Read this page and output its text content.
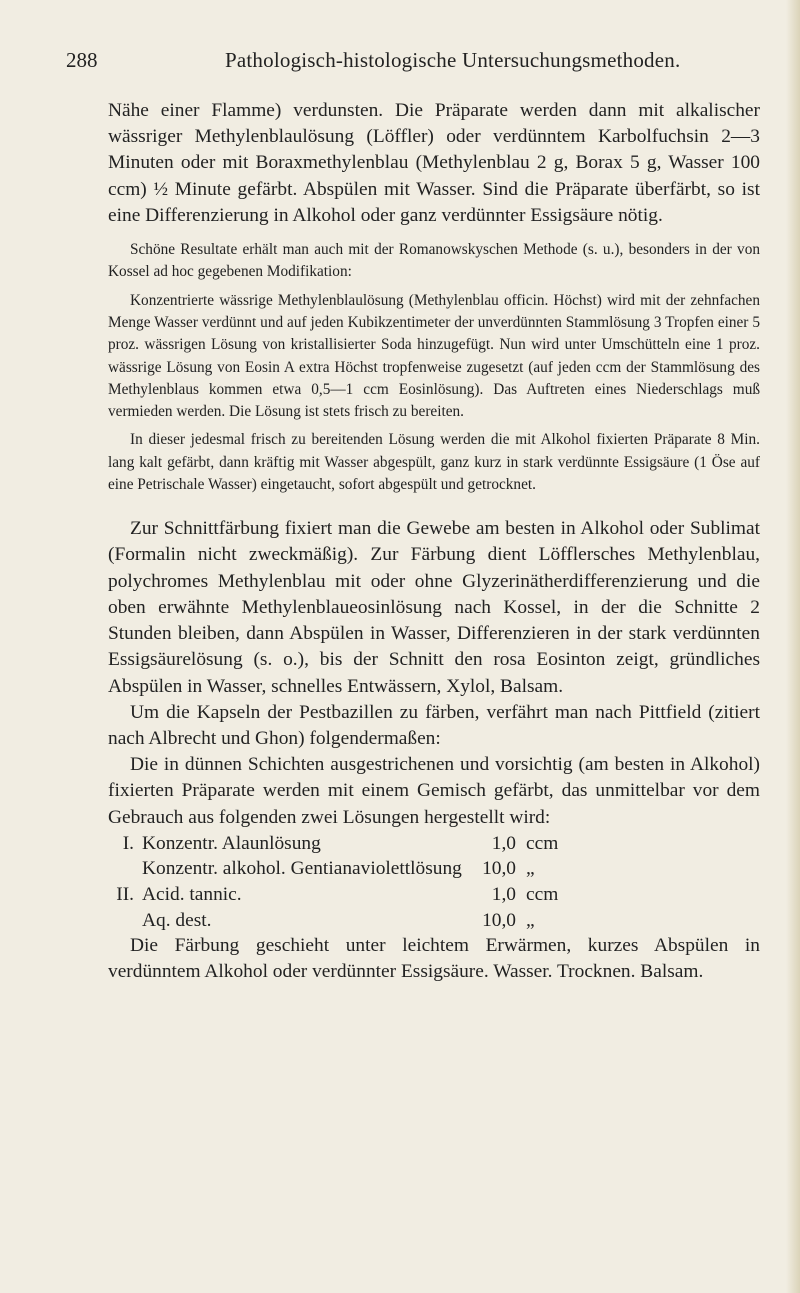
288	Pathologisch-histologische Untersuchungsmethoden.

Nähe einer Flamme) verdunsten. Die Präparate werden dann mit alkalischer wässriger Methylenblaulösung (Löffler) oder verdünntem Karbolfuchsin 2—3 Minuten oder mit Boraxmethylenblau (Methylenblau 2 g, Borax 5 g, Wasser 100 ccm) ½ Minute gefärbt. Abspülen mit Wasser. Sind die Präparate überfärbt, so ist eine Differenzierung in Alkohol oder ganz verdünnter Essigsäure nötig.

Schöne Resultate erhält man auch mit der Romanowskyschen Methode (s. u.), besonders in der von Kossel ad hoc gegebenen Modifikation:

Konzentrierte wässrige Methylenblaulösung (Methylenblau officin. Höchst) wird mit der zehnfachen Menge Wasser verdünnt und auf jeden Kubikzentimeter der unverdünnten Stammlösung 3 Tropfen einer 5 proz. wässrigen Lösung von kristallisierter Soda hinzugefügt. Nun wird unter Umschütteln eine 1 proz. wässrige Lösung von Eosin A extra Höchst tropfenweise zugesetzt (auf jeden ccm der Stammlösung des Methylenblaus kommen etwa 0,5—1 ccm Eosinlösung). Das Auftreten eines Niederschlags muß vermieden werden. Die Lösung ist stets frisch zu bereiten.

In dieser jedesmal frisch zu bereitenden Lösung werden die mit Alkohol fixierten Präparate 8 Min. lang kalt gefärbt, dann kräftig mit Wasser abgespült, ganz kurz in stark verdünnte Essigsäure (1 Öse auf eine Petrischale Wasser) eingetaucht, sofort abgespült und getrocknet.

Zur Schnittfärbung fixiert man die Gewebe am besten in Alkohol oder Sublimat (Formalin nicht zweckmäßig). Zur Färbung dient Löfflersches Methylenblau, polychromes Methylenblau mit oder ohne Glyzerinätherdifferenzierung und die oben erwähnte Methylenblaueosinlösung nach Kossel, in der die Schnitte 2 Stunden bleiben, dann Abspülen in Wasser, Differenzieren in der stark verdünnten Essigsäurelösung (s. o.), bis der Schnitt den rosa Eosinton zeigt, gründliches Abspülen in Wasser, schnelles Entwässern, Xylol, Balsam.

Um die Kapseln der Pestbazillen zu färben, verfährt man nach Pittfield (zitiert nach Albrecht und Ghon) folgendermaßen:

Die in dünnen Schichten ausgestrichenen und vorsichtig (am besten in Alkohol) fixierten Präparate werden mit einem Gemisch gefärbt, das unmittelbar vor dem Gebrauch aus folgenden zwei Lösungen hergestellt wird:

I. Konzentr. Alaunlösung	1,0 ccm
Konzentr. alkohol. Gentianaviolettlösung	10,0 „
II. Acid. tannic.	1,0 ccm
Aq. dest.	10,0 „

Die Färbung geschieht unter leichtem Erwärmen, kurzes Abspülen in verdünntem Alkohol oder verdünnter Essigsäure. Wasser. Trocknen. Balsam.
